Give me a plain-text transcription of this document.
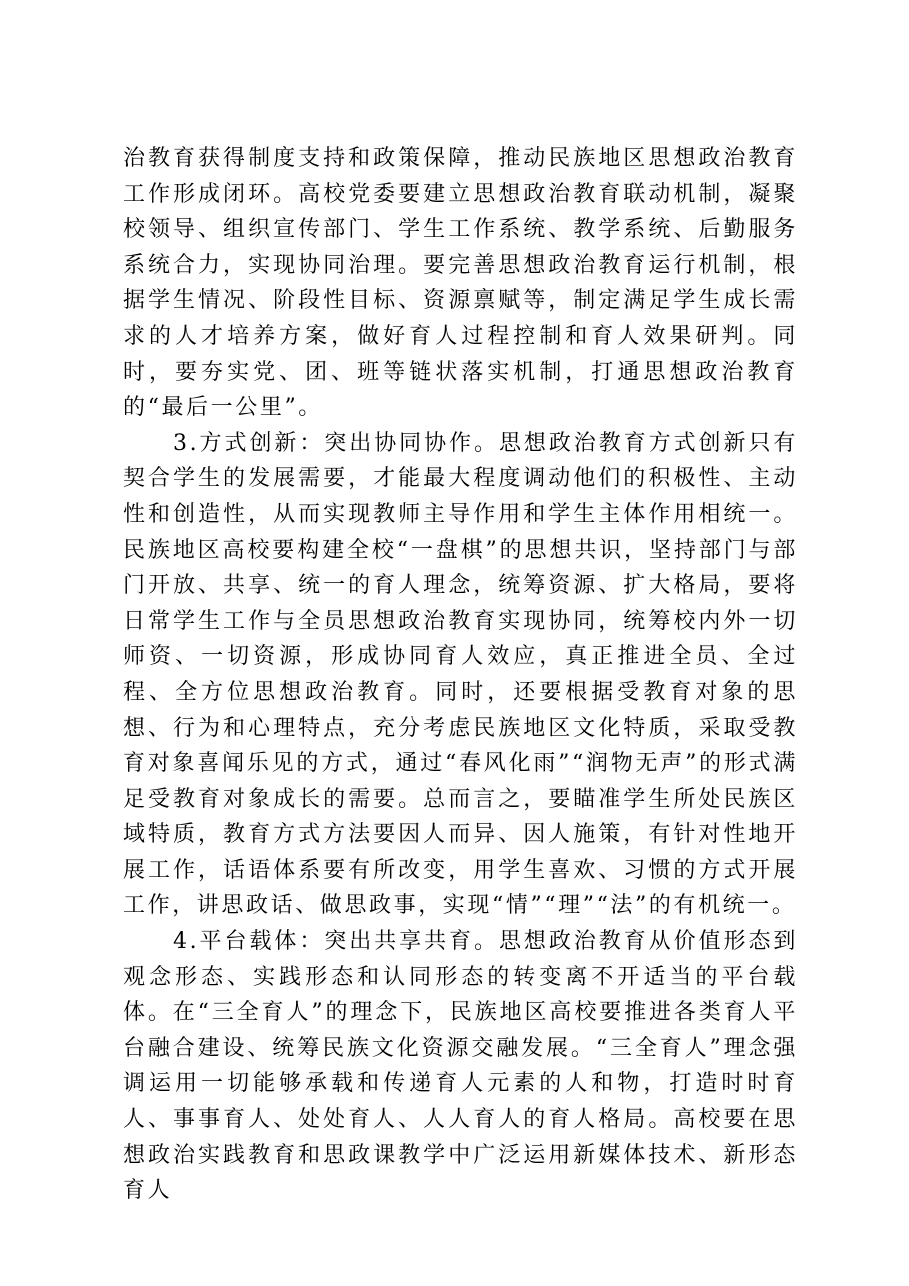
治教育获得制度支持和政策保障，推动民族地区思想政治教育工作形成闭环。高校党委要建立思想政治教育联动机制，凝聚校领导、组织宣传部门、学生工作系统、教学系统、后勤服务系统合力，实现协同治理。要完善思想政治教育运行机制，根据学生情况、阶段性目标、资源禀赋等，制定满足学生成长需求的人才培养方案，做好育人过程控制和育人效果研判。同时，要夯实党、团、班等链状落实机制，打通思想政治教育的“最后一公里”。

3.方式创新：突出协同协作。思想政治教育方式创新只有契合学生的发展需要，才能最大程度调动他们的积极性、主动性和创造性，从而实现教师主导作用和学生主体作用相统一。民族地区高校要构建全校“一盘棋”的思想共识，坚持部门与部门开放、共享、统一的育人理念，统筹资源、扩大格局，要将日常学生工作与全员思想政治教育实现协同，统筹校内外一切师资、一切资源，形成协同育人效应，真正推进全员、全过程、全方位思想政治教育。同时，还要根据受教育对象的思想、行为和心理特点，充分考虑民族地区文化特质，采取受教育对象喜闻乐见的方式，通过“春风化雨”“润物无声”的形式满足受教育对象成长的需要。总而言之，要瞄准学生所处民族区域特质，教育方式方法要因人而异、因人施策，有针对性地开展工作，话语体系要有所改变，用学生喜欢、习惯的方式开展工作，讲思政话、做思政事，实现“情”“理”“法”的有机统一。

4.平台载体：突出共享共育。思想政治教育从价值形态到观念形态、实践形态和认同形态的转变离不开适当的平台载体。在“三全育人”的理念下，民族地区高校要推进各类育人平台融合建设、统筹民族文化资源交融发展。“三全育人”理念强调运用一切能够承载和传递育人元素的人和物，打造时时育人、事事育人、处处育人、人人育人的育人格局。高校要在思想政治实践教育和思政课教学中广泛运用新媒体技术、新形态育人
